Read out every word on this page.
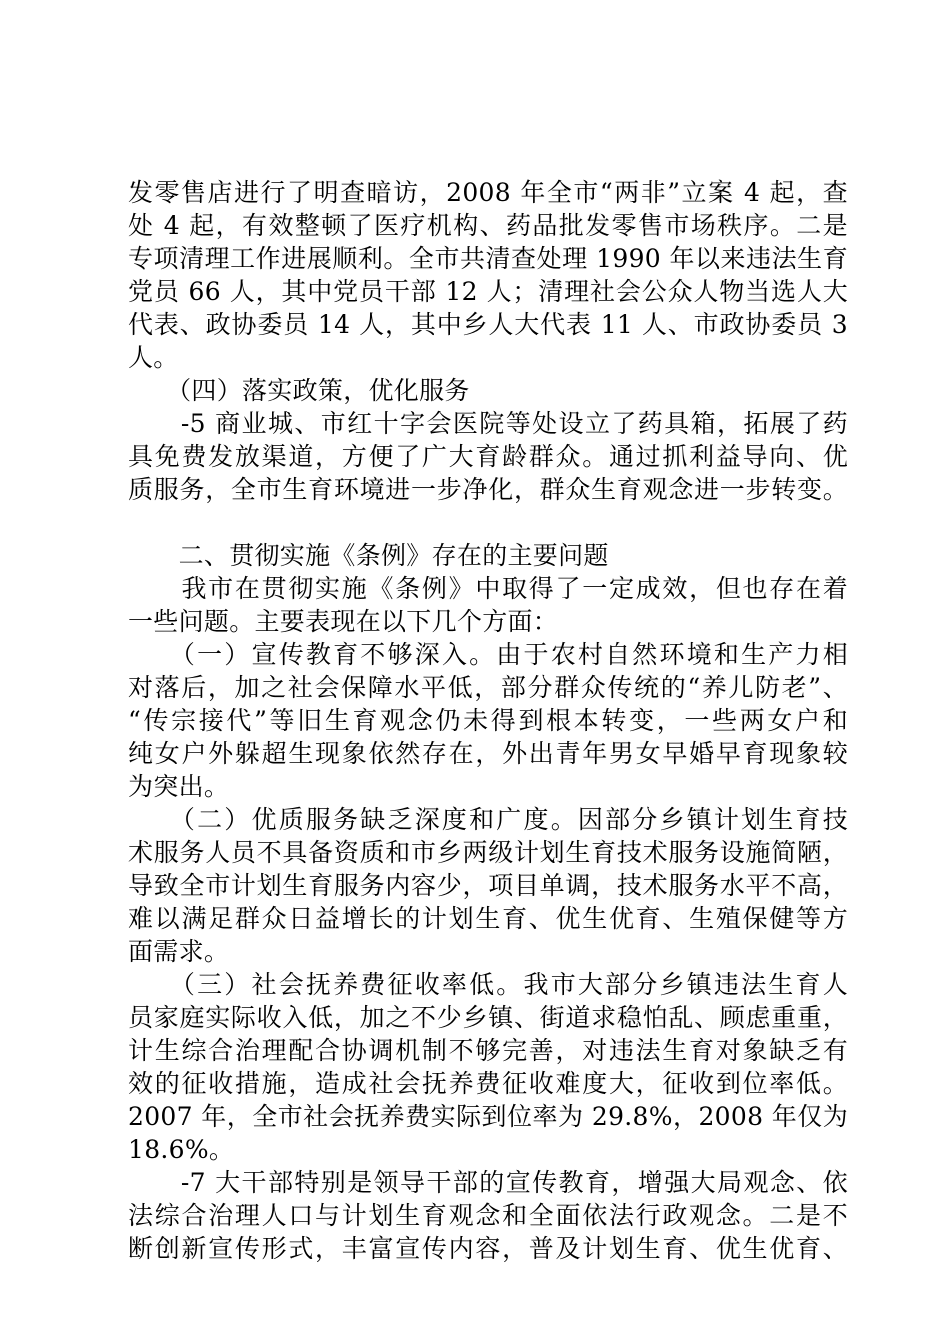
发零售店进行了明查暗访，2008 年全市“两非”立案 4 起，查
处 4 起，有效整顿了医疗机构、药品批发零售市场秩序。二是
专项清理工作进展顺利。全市共清查处理 1990 年以来违法生育
党员 66 人，其中党员干部 12 人；清理社会公众人物当选人大
代表、政协委员 14 人，其中乡人大代表 11 人、市政协委员 3
人。
　　（四）落实政策，优化服务
　　-5 商业城、市红十字会医院等处设立了药具箱，拓展了药
具免费发放渠道，方便了广大育龄群众。通过抓利益导向、优
质服务，全市生育环境进一步净化，群众生育观念进一步转变。
　　二、贯彻实施《条例》存在的主要问题
　　我市在贯彻实施《条例》中取得了一定成效，但也存在着
一些问题。主要表现在以下几个方面：
　　（一）宣传教育不够深入。由于农村自然环境和生产力相
对落后，加之社会保障水平低，部分群众传统的“养儿防老”、
“传宗接代”等旧生育观念仍未得到根本转变，一些两女户和
纯女户外躲超生现象依然存在，外出青年男女早婚早育现象较
为突出。
　　（二）优质服务缺乏深度和广度。因部分乡镇计划生育技
术服务人员不具备资质和市乡两级计划生育技术服务设施简陋，
导致全市计划生育服务内容少，项目单调，技术服务水平不高，
难以满足群众日益增长的计划生育、优生优育、生殖保健等方
面需求。
　　（三）社会抚养费征收率低。我市大部分乡镇违法生育人
员家庭实际收入低，加之不少乡镇、街道求稳怕乱、顾虑重重，
计生综合治理配合协调机制不够完善，对违法生育对象缺乏有
效的征收措施，造成社会抚养费征收难度大，征收到位率低。
2007 年，全市社会抚养费实际到位率为 29.8%，2008 年仅为
18.6%。
　　-7 大干部特别是领导干部的宣传教育，增强大局观念、依
法综合治理人口与计划生育观念和全面依法行政观念。二是不
断创新宣传形式，丰富宣传内容，普及计划生育、优生优育、
